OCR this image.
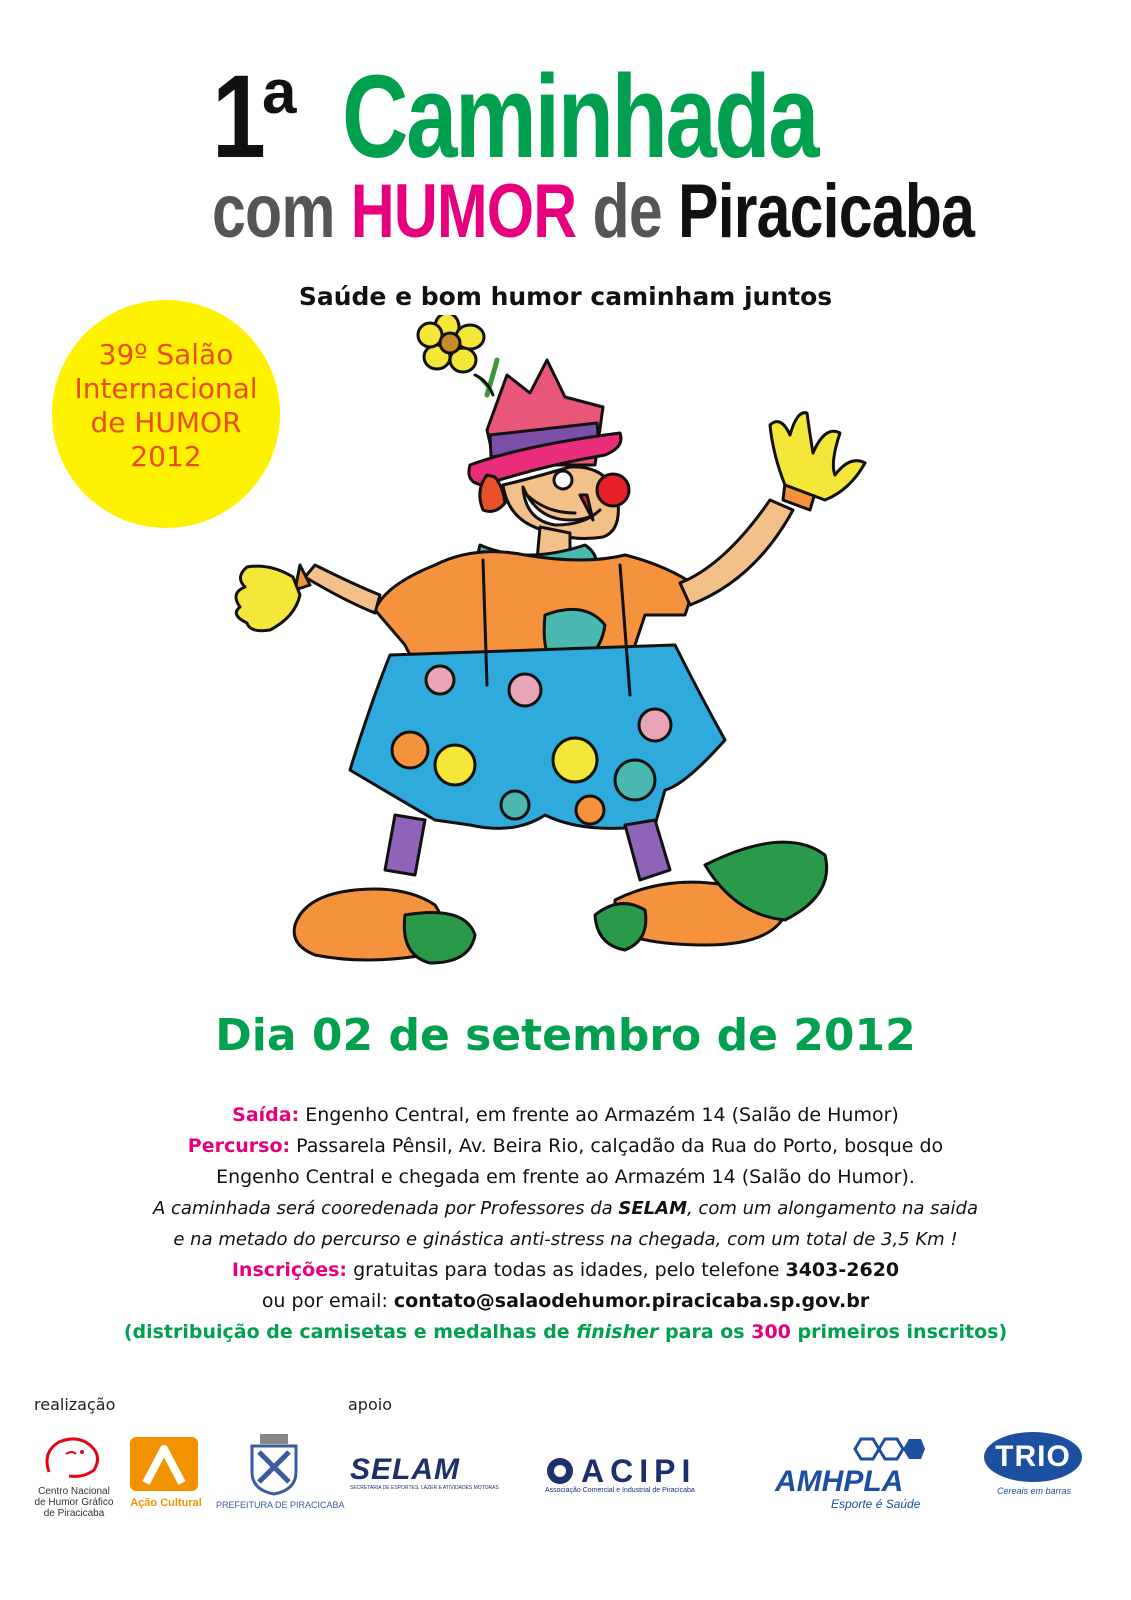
1 a Caminhada
com HUMOR de Piracicaba
Saúde e bom humor caminham juntos
39º Salão
Internacional
de HUMOR
2012
Dia 02 de setembro de 2012
Saída: Engenho Central, em frente ao Armazém 14 (Salão de Humor)
Percurso: Passarela Pênsil, Av. Beira Rio, calçadão da Rua do Porto, bosque do
Engenho Central e chegada em frente ao Armazém 14 (Salão do Humor).
A caminhada será cooredenada por Professores da SELAM, com um alongamento na saida
e na metado do percurso e ginástica anti-stress na chegada, com um total de 3,5 Km !
Inscrições: gratuitas para todas as idades, pelo telefone 3403-2620
ou por email: contato@salaodehumor.piracicaba.sp.gov.br
(distribuição de camisetas e medalhas de finisher para os 300 primeiros inscritos)
realização	apoio
Centro Nacional
de Humor Gráfico
de Piracicaba
Ação Cultural PREFEITURA DE PIRACICABA
SELAM
SECRETARIA DE ESPORTES, LAZER E ATIVIDADES MOTORAS	ACIPI
Associação Comercial e Industrial de Piracicaba	AMHPLA
Esporte é Saúde
TRIO
Cereais em barras
